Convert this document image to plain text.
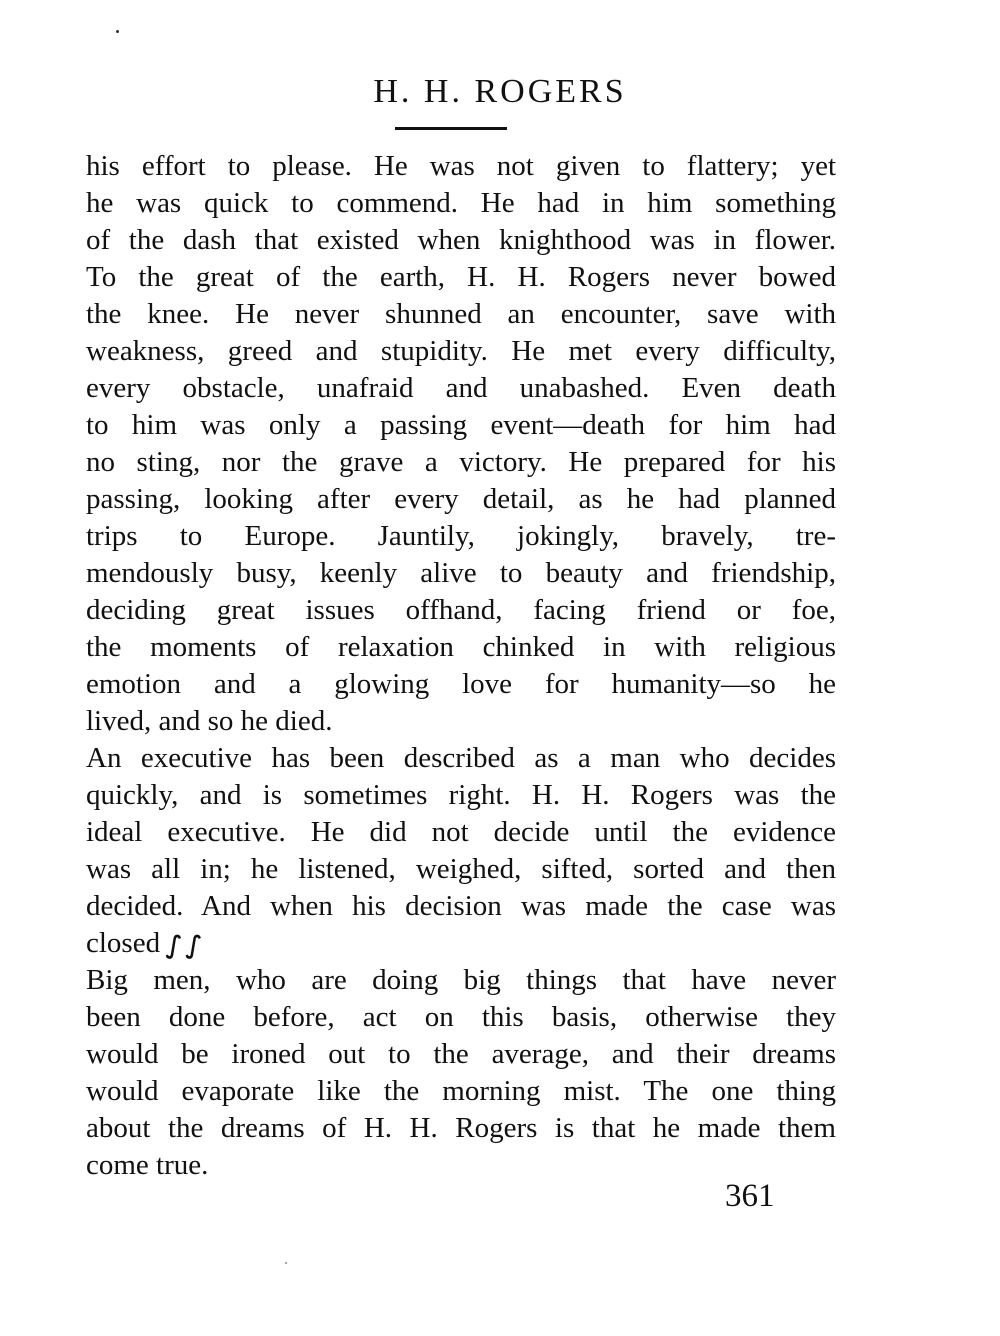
H. H. ROGERS
his effort to please. He was not given to flattery; yet
he was quick to commend. He had in him something
of the dash that existed when knighthood was in flower.
To the great of the earth, H. H. Rogers never bowed
the knee. He never shunned an encounter, save with
weakness, greed and stupidity. He met every difficulty,
every obstacle, unafraid and unabashed. Even death
to him was only a passing event—death for him had
no sting, nor the grave a victory. He prepared for his
passing, looking after every detail, as he had planned
trips to Europe. Jauntily, jokingly, bravely, tre-
mendously busy, keenly alive to beauty and friendship,
deciding great issues offhand, facing friend or foe,
the moments of relaxation chinked in with religious
emotion and a glowing love for humanity—so he
lived, and so he died.
An executive has been described as a man who decides
quickly, and is sometimes right. H. H. Rogers was the
ideal executive. He did not decide until the evidence
was all in; he listened, weighed, sifted, sorted and then
decided. And when his decision was made the case was
closed ഽ ഽ
Big men, who are doing big things that have never
been done before, act on this basis, otherwise they
would be ironed out to the average, and their dreams
would evaporate like the morning mist. The one thing
about the dreams of H. H. Rogers is that he made them
come true.
361
